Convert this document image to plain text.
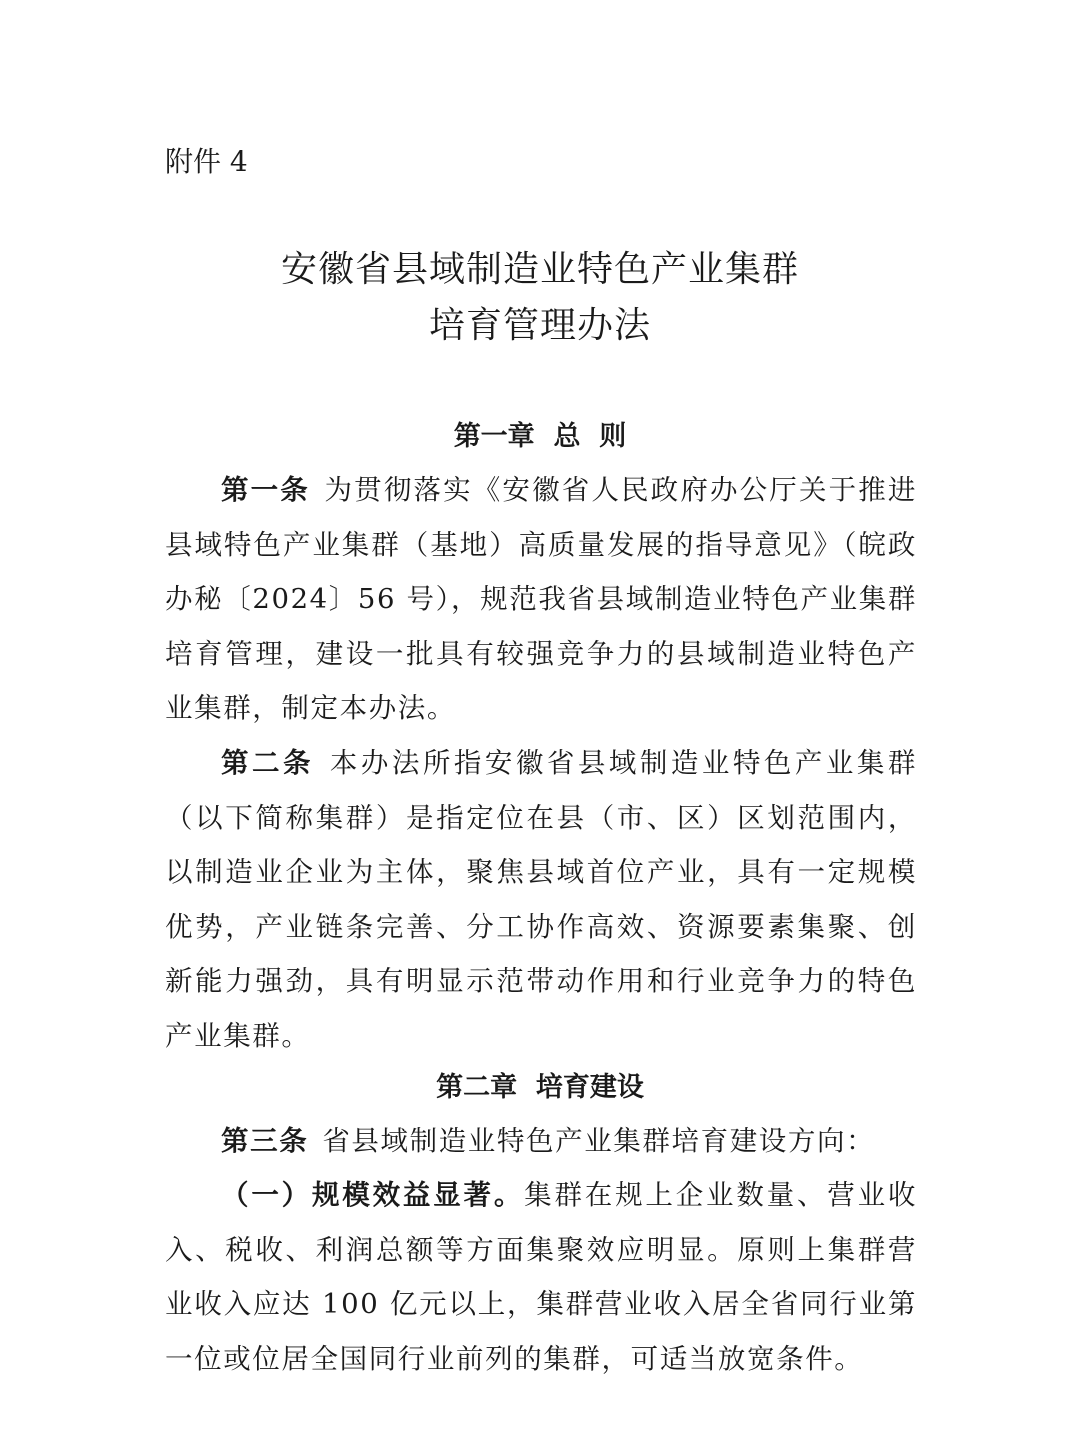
附件 4
安徽省县域制造业特色产业集群
培育管理办法
第一章  总  则

第一条 为贯彻落实《安徽省人民政府办公厅关于推进县域特色产业集群（基地）高质量发展的指导意见》（皖政办秘〔2024〕56 号），规范我省县域制造业特色产业集群培育管理，建设一批具有较强竞争力的县域制造业特色产业集群，制定本办法。

第二条 本办法所指安徽省县域制造业特色产业集群（以下简称集群）是指定位在县（市、区）区划范围内，以制造业企业为主体，聚焦县域首位产业，具有一定规模优势，产业链条完善、分工协作高效、资源要素集聚、创新能力强劲，具有明显示范带动作用和行业竞争力的特色产业集群。

第二章  培育建设

第三条 省县域制造业特色产业集群培育建设方向：

（一）规模效益显著。集群在规上企业数量、营业收入、税收、利润总额等方面集聚效应明显。原则上集群营业收入应达 100 亿元以上，集群营业收入居全省同行业第一位或位居全国同行业前列的集群，可适当放宽条件。
